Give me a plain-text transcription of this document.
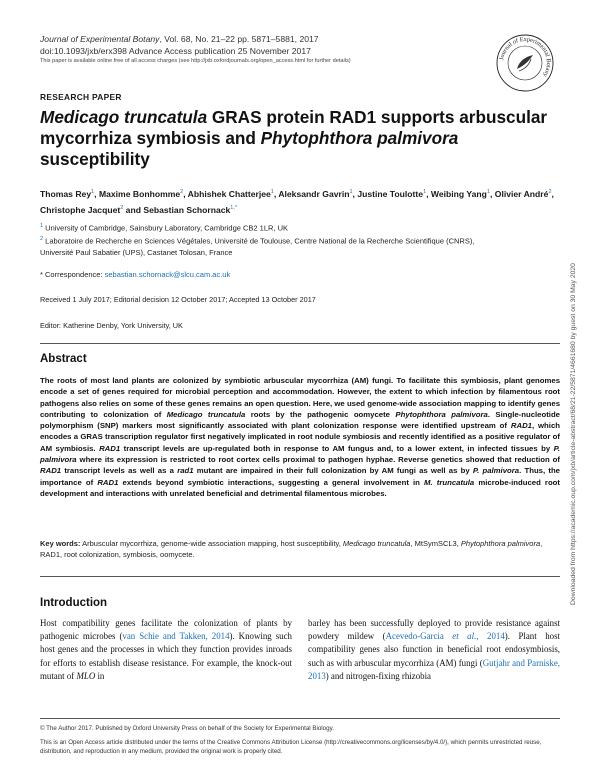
Journal of Experimental Botany, Vol. 68, No. 21–22 pp. 5871–5881, 2017
doi:10.1093/jxb/erx398 Advance Access publication 25 November 2017
This paper is available online free of all access charges (see http://jxb.oxfordjournals.org/open_access.html for further details)	Journal of Experimental Botany
RESEARCH PAPER
Medicago truncatula GRAS protein RAD1 supports arbuscular mycorrhiza symbiosis and Phytophthora palmivora susceptibility
Thomas Rey$^1$, Maxime Bonhomme$^2$, Abhishek Chatterjee$^1$, Aleksandr Gavrin$^1$, Justine Toulotte$^1$, Weibing Yang$^1$, Olivier André$^2$, Christophe Jacquet$^2$ and Sebastian Schornack$^{1,*}$
$^1$ University of Cambridge, Sainsbury Laboratory, Cambridge CB2 1LR, UK
$^2$ Laboratoire de Recherche en Sciences Végétales, Université de Toulouse, Centre National de la Recherche Scientifique (CNRS),
Université Paul Sabatier (UPS), Castanet Tolosan, France
* Correspondence: sebastian.schornack@slcu.cam.ac.uk
Received 1 July 2017; Editorial decision 12 October 2017; Accepted 13 October 2017
Editor: Katherine Denby, York University, UK
Abstract
The roots of most land plants are colonized by symbiotic arbuscular mycorrhiza (AM) fungi. To facilitate this symbiosis, plant genomes encode a set of genes required for microbial perception and accommodation. However, the extent to which infection by filamentous root pathogens also relies on some of these genes remains an open question. Here, we used genome-wide association mapping to identify genes contributing to colonization of Medicago truncatula roots by the pathogenic oomycete Phytophthora palmivora. Single-nucleotide polymorphism (SNP) markers most significantly associated with plant colonization response were identified upstream of RAD1, which encodes a GRAS transcription regulator first negatively implicated in root nodule symbiosis and recently identified as a positive regulator of AM symbiosis. RAD1 transcript levels are up-regulated both in response to AM fungus and, to a lower extent, in infected tissues by P. palmivora where its expression is restricted to root cortex cells proximal to pathogen hyphae. Reverse genetics showed that reduction of RAD1 transcript levels as well as a rad1 mutant are impaired in their full colonization by AM fungi as well as by P. palmivora. Thus, the importance of RAD1 extends beyond symbiotic interactions, suggesting a general involvement in M. truncatula microbe-induced root development and interactions with unrelated beneficial and detrimental filamentous microbes.
Key words: Arbuscular mycorrhiza, genome-wide association mapping, host susceptibility, Medicago truncatula, MtSymSCL3, Phytophthora palmivora, RAD1, root colonization, symbiosis, oomycete.
Introduction
Host compatibility genes facilitate the colonization of plants by pathogenic microbes (van Schie and Takken, 2014). Knowing such host genes and the processes in which they function provides inroads for efforts to establish disease resistance. For example, the knock-out mutant of MLO in
barley has been successfully deployed to provide resistance against powdery mildew (Acevedo-Garcia et al., 2014). Plant host compatibility genes also function in beneficial root endosymbiosis, such as with arbuscular mycorrhiza (AM) fungi (Gutjahr and Parniske, 2013) and nitrogen-fixing rhizobia
© The Author 2017. Published by Oxford University Press on behalf of the Society for Experimental Biology.
This is an Open Access article distributed under the terms of the Creative Commons Attribution License (http://creativecommons.org/licenses/by/4.0/), which permits unrestricted reuse, distribution, and reproduction in any medium, provided the original work is properly cited.
Downloaded from https://academic.oup.com/jxb/article-abstract/68/21-22/5871/4661680 by guest on 30 May 2020
